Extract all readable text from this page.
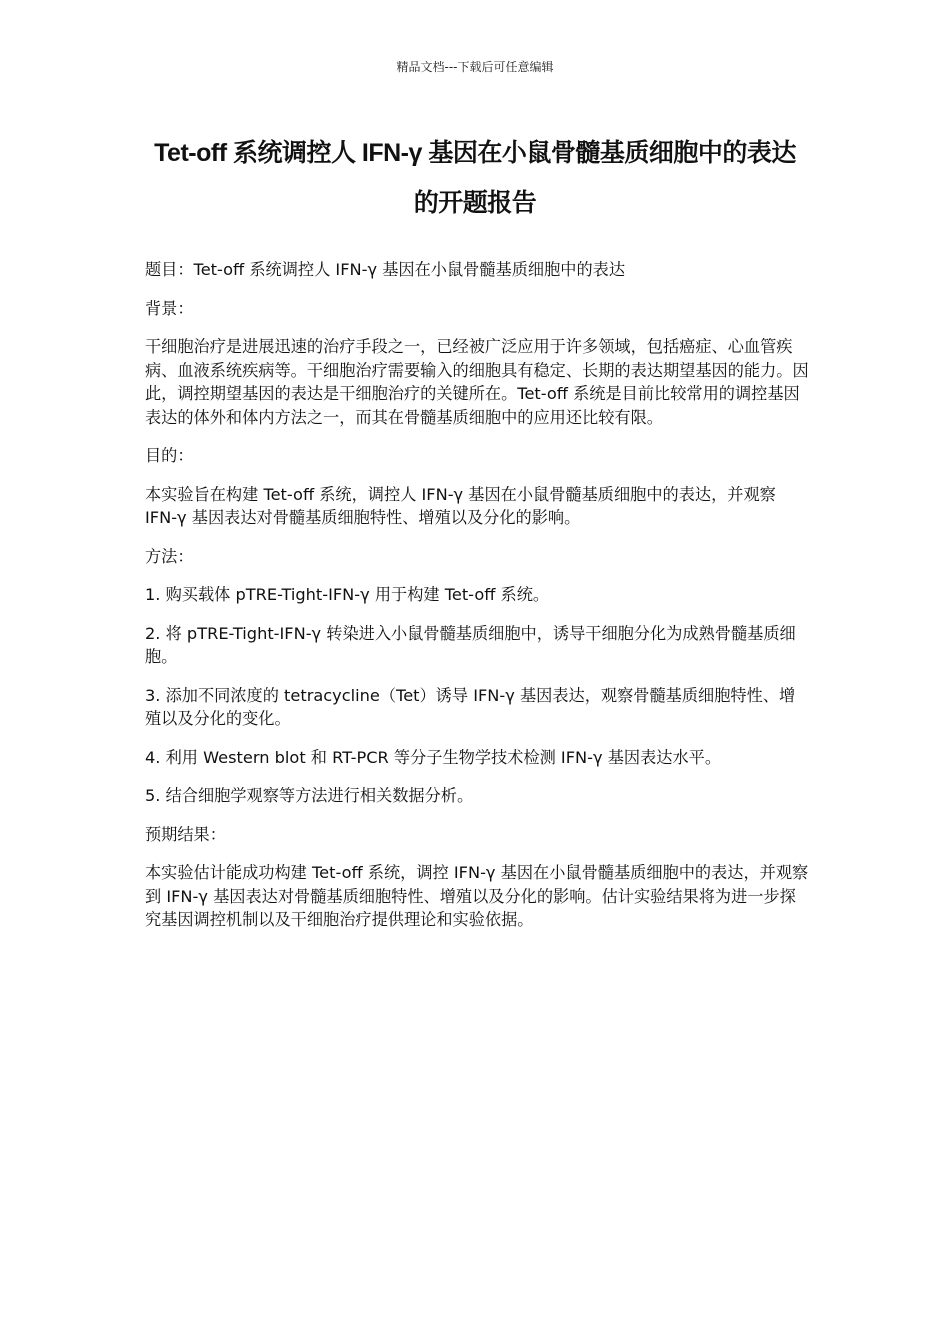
精品文档---下载后可任意编辑
Tet-off 系统调控人 IFN-γ 基因在小鼠骨髓基质细胞中的表达
的开题报告

题目：Tet-off 系统调控人 IFN-γ 基因在小鼠骨髓基质细胞中的表达

背景：

干细胞治疗是进展迅速的治疗手段之一，已经被广泛应用于许多领域，包括癌症、心血管疾病、血液系统疾病等。干细胞治疗需要输入的细胞具有稳定、长期的表达期望基因的能力。因此，调控期望基因的表达是干细胞治疗的关键所在。Tet-off 系统是目前比较常用的调控基因表达的体外和体内方法之一，而其在骨髓基质细胞中的应用还比较有限。

目的：

本实验旨在构建 Tet-off 系统，调控人 IFN-γ 基因在小鼠骨髓基质细胞中的表达，并观察 IFN-γ 基因表达对骨髓基质细胞特性、增殖以及分化的影响。

方法：

1. 购买载体 pTRE-Tight-IFN-γ 用于构建 Tet-off 系统。

2. 将 pTRE-Tight-IFN-γ 转染进入小鼠骨髓基质细胞中，诱导干细胞分化为成熟骨髓基质细胞。

3. 添加不同浓度的 tetracycline（Tet）诱导 IFN-γ 基因表达，观察骨髓基质细胞特性、增殖以及分化的变化。

4. 利用 Western blot 和 RT-PCR 等分子生物学技术检测 IFN-γ 基因表达水平。

5. 结合细胞学观察等方法进行相关数据分析。

预期结果：

本实验估计能成功构建 Tet-off 系统，调控 IFN-γ 基因在小鼠骨髓基质细胞中的表达，并观察到 IFN-γ 基因表达对骨髓基质细胞特性、增殖以及分化的影响。估计实验结果将为进一步探究基因调控机制以及干细胞治疗提供理论和实验依据。
